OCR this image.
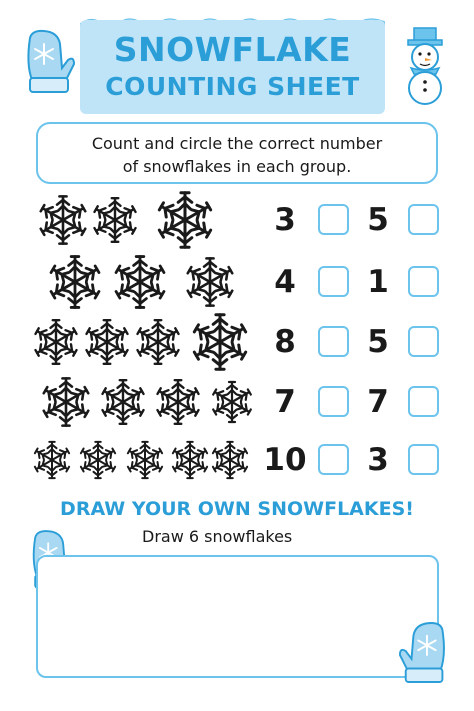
SNOWFLAKE
COUNTING SHEET
Count and circle the correct number
of snowflakes in each group.
3	5
4	1
8	5
7	7
10	3
DRAW YOUR OWN SNOWFLAKES!
Draw 6 snowflakes
